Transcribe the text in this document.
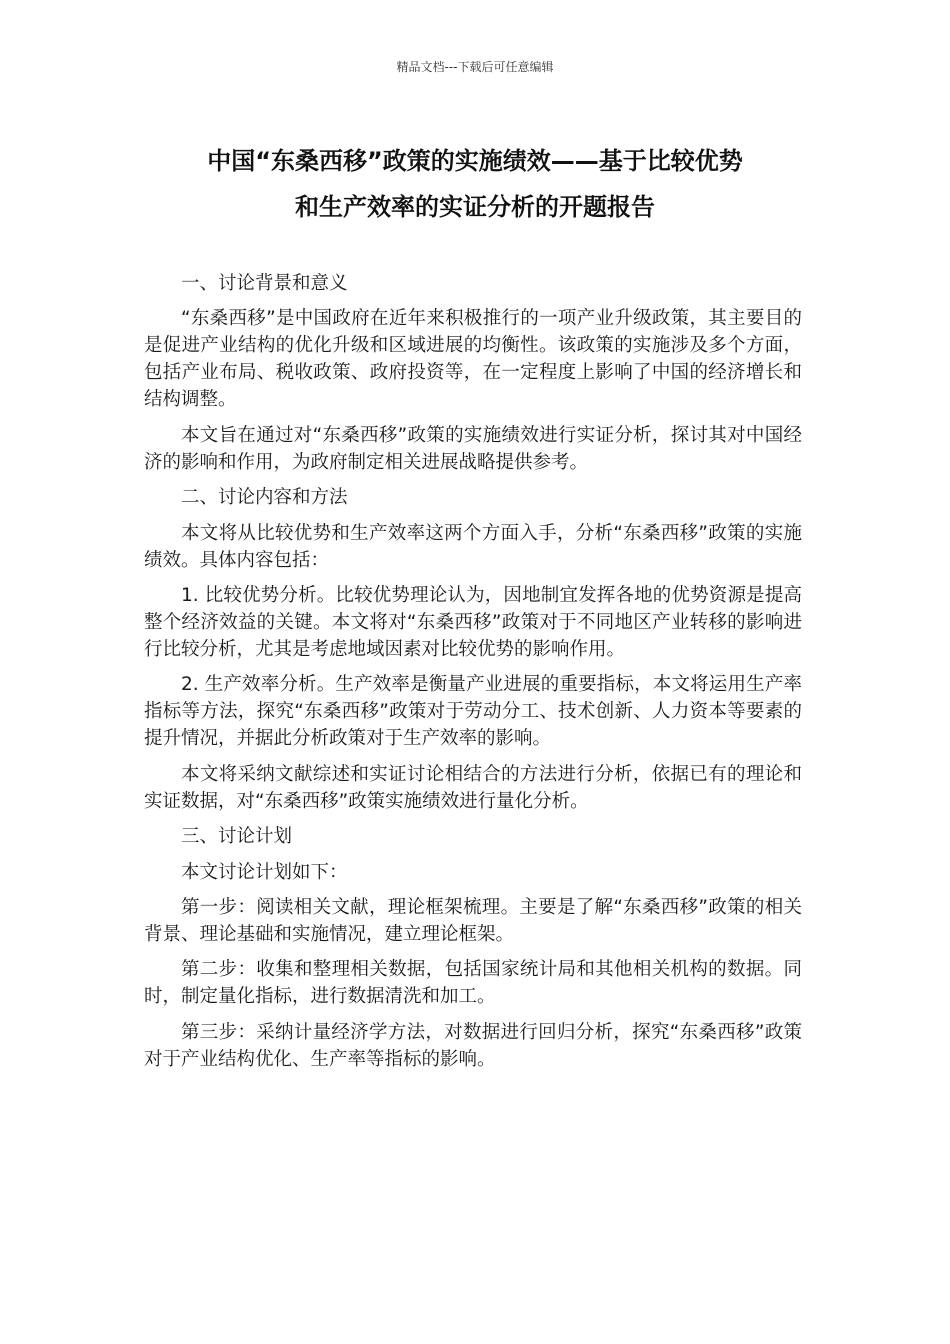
精品文档---下载后可任意编辑
中国“东桑西移”政策的实施绩效——基于比较优势
和生产效率的实证分析的开题报告

一、讨论背景和意义

“东桑西移”是中国政府在近年来积极推行的一项产业升级政策，其主要目的是促进产业结构的优化升级和区域进展的均衡性。该政策的实施涉及多个方面，包括产业布局、税收政策、政府投资等，在一定程度上影响了中国的经济增长和结构调整。

本文旨在通过对“东桑西移”政策的实施绩效进行实证分析，探讨其对中国经济的影响和作用，为政府制定相关进展战略提供参考。

二、讨论内容和方法

本文将从比较优势和生产效率这两个方面入手，分析“东桑西移”政策的实施绩效。具体内容包括：

1. 比较优势分析。比较优势理论认为，因地制宜发挥各地的优势资源是提高整个经济效益的关键。本文将对“东桑西移”政策对于不同地区产业转移的影响进行比较分析，尤其是考虑地域因素对比较优势的影响作用。

2. 生产效率分析。生产效率是衡量产业进展的重要指标，本文将运用生产率指标等方法，探究“东桑西移”政策对于劳动分工、技术创新、人力资本等要素的提升情况，并据此分析政策对于生产效率的影响。

本文将采纳文献综述和实证讨论相结合的方法进行分析，依据已有的理论和实证数据，对“东桑西移”政策实施绩效进行量化分析。

三、讨论计划

本文讨论计划如下：

第一步：阅读相关文献，理论框架梳理。主要是了解“东桑西移”政策的相关背景、理论基础和实施情况，建立理论框架。

第二步：收集和整理相关数据，包括国家统计局和其他相关机构的数据。同时，制定量化指标，进行数据清洗和加工。

第三步：采纳计量经济学方法，对数据进行回归分析，探究“东桑西移”政策对于产业结构优化、生产率等指标的影响。
